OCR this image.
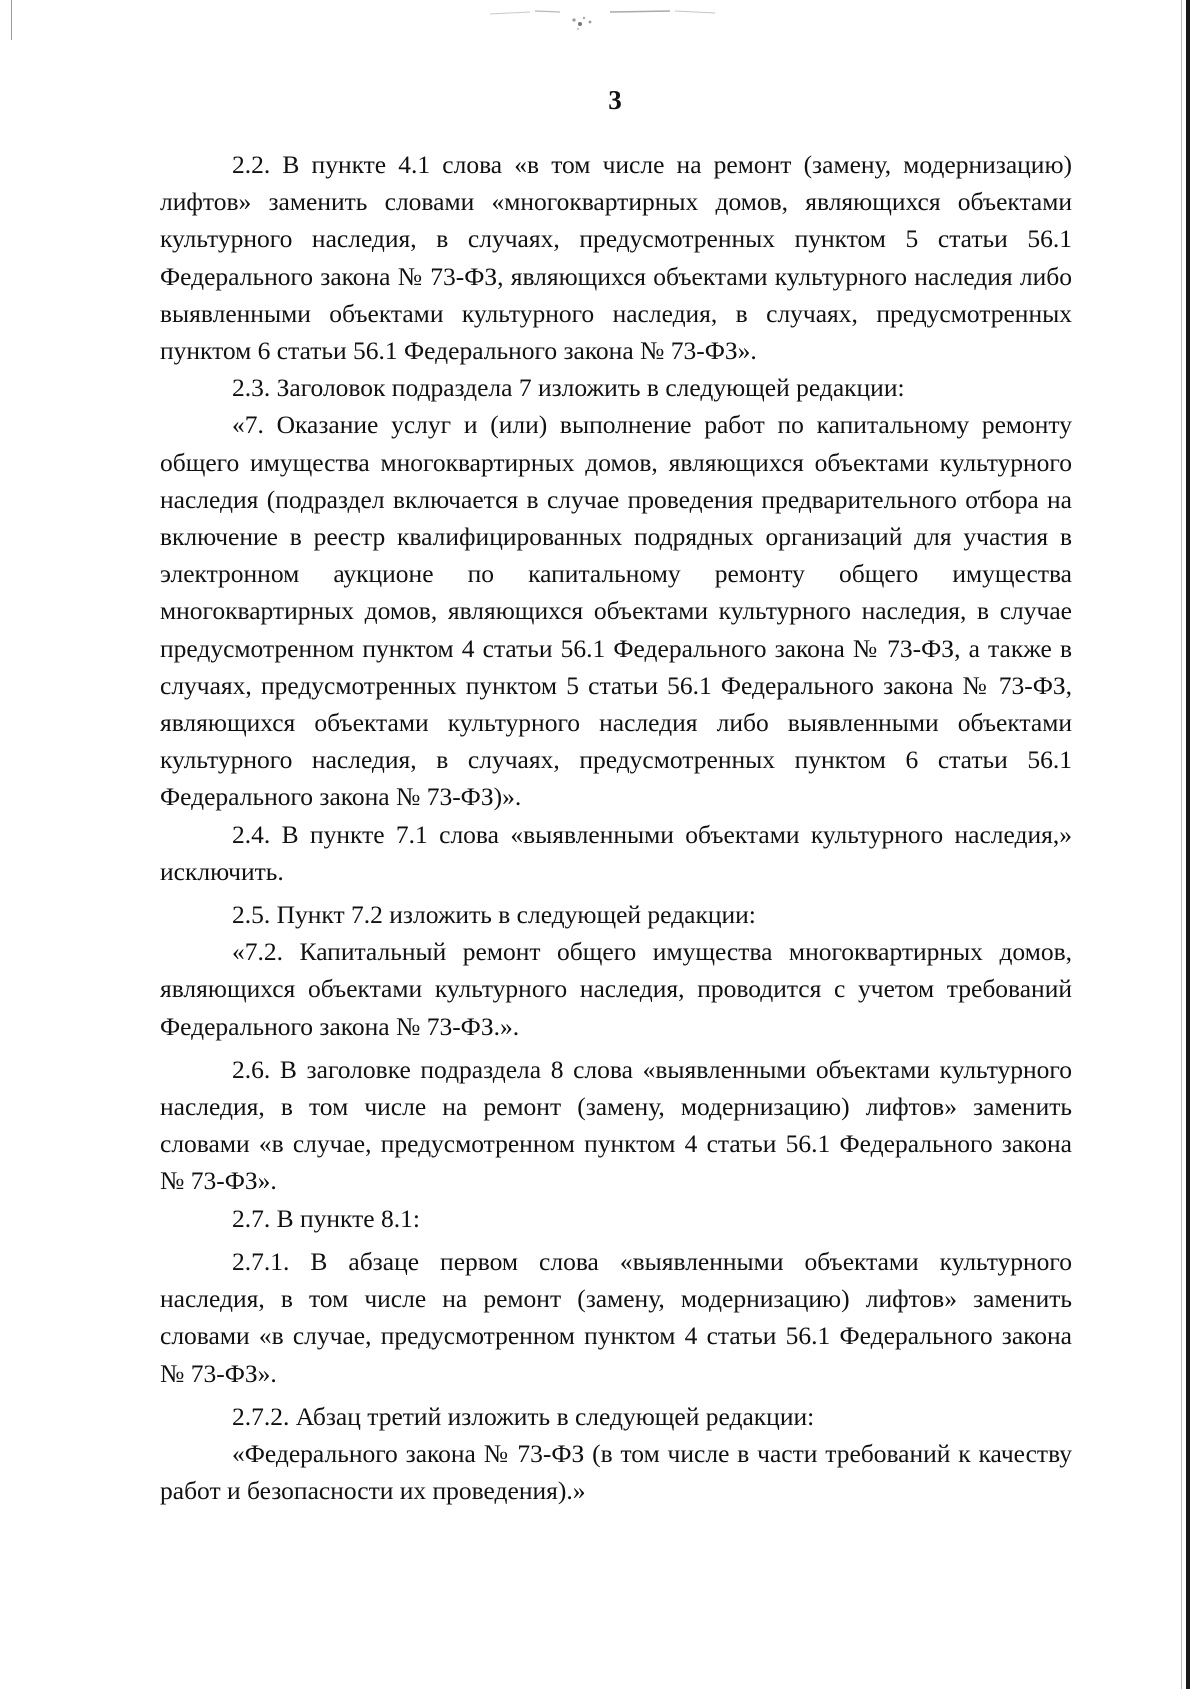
3

2.2. В пункте 4.1 слова «в том числе на ремонт (замену, модернизацию) лифтов» заменить словами «многоквартирных домов, являющихся объектами культурного наследия, в случаях, предусмотренных пунктом 5 статьи 56.1 Федерального закона № 73-ФЗ, являющихся объектами культурного наследия либо выявленными объектами культурного наследия, в случаях, предусмотренных пунктом 6 статьи 56.1 Федерального закона № 73-ФЗ».

2.3. Заголовок подраздела 7 изложить в следующей редакции:

«7. Оказание услуг и (или) выполнение работ по капитальному ремонту общего имущества многоквартирных домов, являющихся объектами культурного наследия (подраздел включается в случае проведения предварительного отбора на включение в реестр квалифицированных подрядных организаций для участия в электронном аукционе по капитальному ремонту общего имущества многоквартирных домов, являющихся объектами культурного наследия, в случае предусмотренном пунктом 4 статьи 56.1 Федерального закона № 73-ФЗ, а также в случаях, предусмотренных пунктом 5 статьи 56.1 Федерального закона № 73-ФЗ, являющихся объектами культурного наследия либо выявленными объектами культурного наследия, в случаях, предусмотренных пунктом 6 статьи 56.1 Федерального закона № 73-ФЗ)».

2.4. В пункте 7.1 слова «выявленными объектами культурного наследия,» исключить.

2.5. Пункт 7.2 изложить в следующей редакции:

«7.2. Капитальный ремонт общего имущества многоквартирных домов, являющихся объектами культурного наследия, проводится с учетом требований Федерального закона № 73-ФЗ.».

2.6. В заголовке подраздела 8 слова «выявленными объектами культурного наследия, в том числе на ремонт (замену, модернизацию) лифтов» заменить словами «в случае, предусмотренном пунктом 4 статьи 56.1 Федерального закона № 73-ФЗ».

2.7. В пункте 8.1:

2.7.1. В абзаце первом слова «выявленными объектами культурного наследия, в том числе на ремонт (замену, модернизацию) лифтов» заменить словами «в случае, предусмотренном пунктом 4 статьи 56.1 Федерального закона № 73-ФЗ».

2.7.2. Абзац третий изложить в следующей редакции:

«Федерального закона № 73-ФЗ (в том числе в части требований к качеству работ и безопасности их проведения).»
